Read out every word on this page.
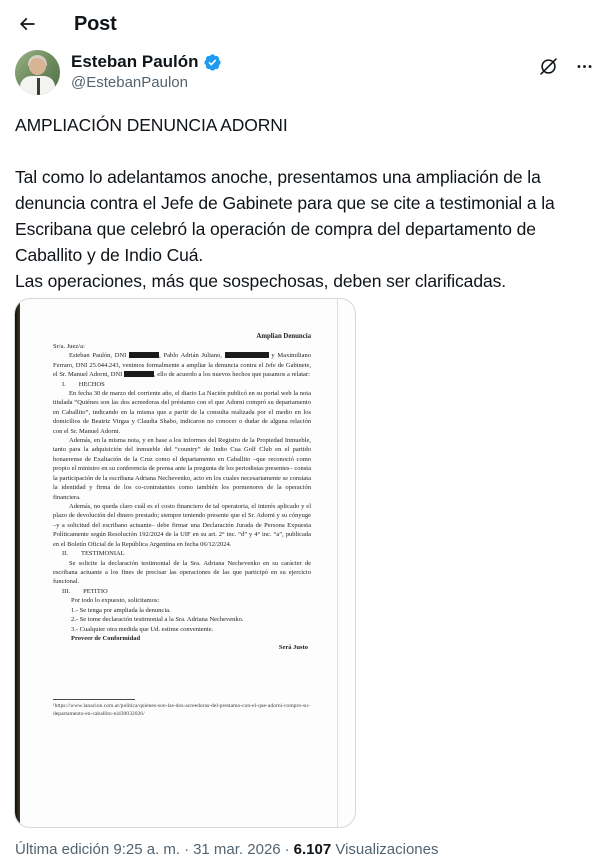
Post
Esteban Paulón
@EstebanPaulon

AMPLIACIÓN DENUNCIA ADORNI

Tal como lo adelantamos anoche, presentamos una ampliación de la denuncia contra el Jefe de Gabinete para que se cite a testimonial a la Escribana que celebró la operación de compra del departamento de Caballito y de Indio Cuá.

Las operaciones, más que sospechosas, deben ser clarificadas.

Amplian Denuncia

Sr/a. Juez/a:

Esteban Paulón, DNI	, Pablo Adrián Juliano,	y Maximiliano Ferraro, DNI 25.044.243, venimos formalmente a ampliar la denuncia contra el Jefe de Gabinete, el Sr. Manuel Adorni, DNI	, ello de acuerdo a los nuevos hechos que pasamos a relatar:

I. HECHOS

En fecha 30 de marzo del corriente año, el diario La Nación publicó en su portal web la nota titulada “Quiénes son las dos acreedoras del préstamo con el que Adorni compró su departamento en Caballito”, indicando en la misma que a partir de la consulta realizada por el medio en los domicilios de Beatriz Virgas y Claudia Shabo, indicaron no conocer o dudar de alguna relación con el Sr. Manuel Adorni.

Además, en la misma nota, y en base a los informes del Registro de la Propiedad Inmueble, tanto para la adquisición del inmueble del “country” de Indio Cua Golf Club en el partido bonaerense de Exaltación de la Cruz como el departamento en Caballito –que reconoció como propio el ministro en su conferencia de prensa ante la pregunta de los periodistas presentes– consta la participación de la escribana Adriana Nechevenko, acto en los cuales necesariamente se constata la identidad y firma de los co-contratantes como también los pormenores de la operación financiera.

Además, no queda claro cuál es el costo financiero de tal operatoria, el interés aplicado y el plazo de devolución del dinero prestado; siempre teniendo presente que el Sr. Adorni y su cónyuge –y a solicitud del escribano actuante– debe firmar una Declaración Jurada de Persona Expuesta Políticamente según Resolución 192/2024 de la UIF en su art. 2° inc. “d” y 4° inc. “a”, publicada en el Boletín Oficial de la República Argentina en fecha 06/12/2024.

II. TESTIMONIAL

Se solicite la declaración testimonial de la Sra. Adriana Nechevenko en su carácter de escribana actuante a los fines de precisar las operaciones de las que participó en su ejercicio funcional.

III. PETITIO

Por todo lo expuesto, solicitamos:

1.- Se tenga por ampliada la denuncia.

2.- Se tome declaración testimonial a la Sra. Adriana Nechevenko.

3.- Cualquier otra medida que Ud. estime conveniente.

Proveer de Conformidad

Será Justo

¹https://www.lanacion.com.ar/politica/quienes-son-las-dos-acreedoras-del-prestamo-con-el-que-adorni-compro-su-departamento-en-caballito-nid30032026/
Última edición 9:25 a. m. · 31 mar. 2026 · 6.107 Visualizaciones
